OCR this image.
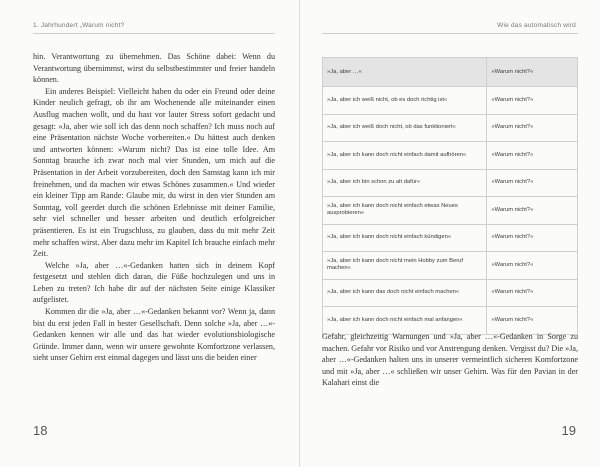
1. Jahrhundert „Warum nicht?

hin. Verantwortung zu übernehmen. Das Schöne dabei: Wenn du Verantwortung übernimmst, wirst du selbstbestimmter und freier handeln können.

Ein anderes Beispiel: Vielleicht haben du oder ein Freund oder deine Kinder neulich gefragt, ob ihr am Wochenende alle miteinander einen Ausflug machen wollt, und du hast vor lauter Stress sofort gedacht und gesagt: »Ja, aber wie soll ich das denn noch schaffen? Ich muss noch auf eine Präsentation nächste Woche vorbereiten.« Du hättest auch denken und antworten können: »Warum nicht? Das ist eine tolle Idee. Am Sonntag brauche ich zwar noch mal vier Stunden, um mich auf die Präsentation in der Arbeit vorzubereiten, doch den Samstag kann ich mir freinehmen, und da machen wir etwas Schönes zusammen.« Und wieder ein kleiner Tipp am Rande: Glaube mir, du wirst in den vier Stunden am Sonntag, voll geerdet durch die schönen Erlebnisse mit deiner Familie, sehr viel schneller und besser arbeiten und deutlich erfolgreicher präsentieren. Es ist ein Trugschluss, zu glauben, dass du mit mehr Zeit mehr schaffen wirst. Aber dazu mehr im Kapitel Ich brauche einfach mehr Zeit.

Welche »Ja, aber …«-Gedanken hatten sich in deinem Kopf festgesetzt und stehlen dich daran, die Füße hochzulegen und uns in Leben zu treten? Ich habe dir auf der nächsten Seite einige Klassiker aufgelistet.

Kommen dir die »Ja, aber …«-Gedanken bekannt vor? Wenn ja, dann bist du erst jeden Fall in bester Gesellschaft. Denn solche »Ja, aber …«-Gedanken kennen wir alle und das hat wieder evolutionsbiologische Gründe. Immer dann, wenn wir unsere gewohnte Komfortzone verlassen, sieht unser Gehirn erst einmal dagegen und lässt uns die beiden einer

18
Wie das automatisch wird
»Ja, aber …«	»Warum nicht?«
»Ja, aber ich weiß nicht, ob es doch richtig ist«	»Warum nicht?«
»Ja, aber ich weiß doch nicht, ob das funktioniert«	»Warum nicht?«
»Ja, aber ich kann doch nicht einfach damit aufhören«	»Warum nicht?«
»Ja, aber ich bin schon zu alt dafür«	»Warum nicht?«
»Ja, aber ich kann doch nicht einfach etwas Neues ausprobieren«	»Warum nicht?«
»Ja, aber ich kann doch nicht einfach kündigen«	»Warum nicht?«
»Ja, aber ich kann doch nicht mein Hobby zum Beruf machen«	»Warum nicht?«
»Ja, aber ich kann das doch nicht einfach machen«	»Warum nicht?«
»Ja, aber ich kann doch nicht einfach mal anfangen«	»Warum nicht?«

Gefahr, gleichzeitig Warnungen und »Ja, aber …«-Gedanken in Sorge zu machen. Gefahr vor Risiko und vor Anstrengung denken. Vergisst du? Die »Ja, aber …«-Gedanken halten uns in unserer vermeintlich sicheren Komfortzone und mit »Ja, aber …« schließen wir unser Gehirn. Was für den Pavian in der Kalahari einst die

19
